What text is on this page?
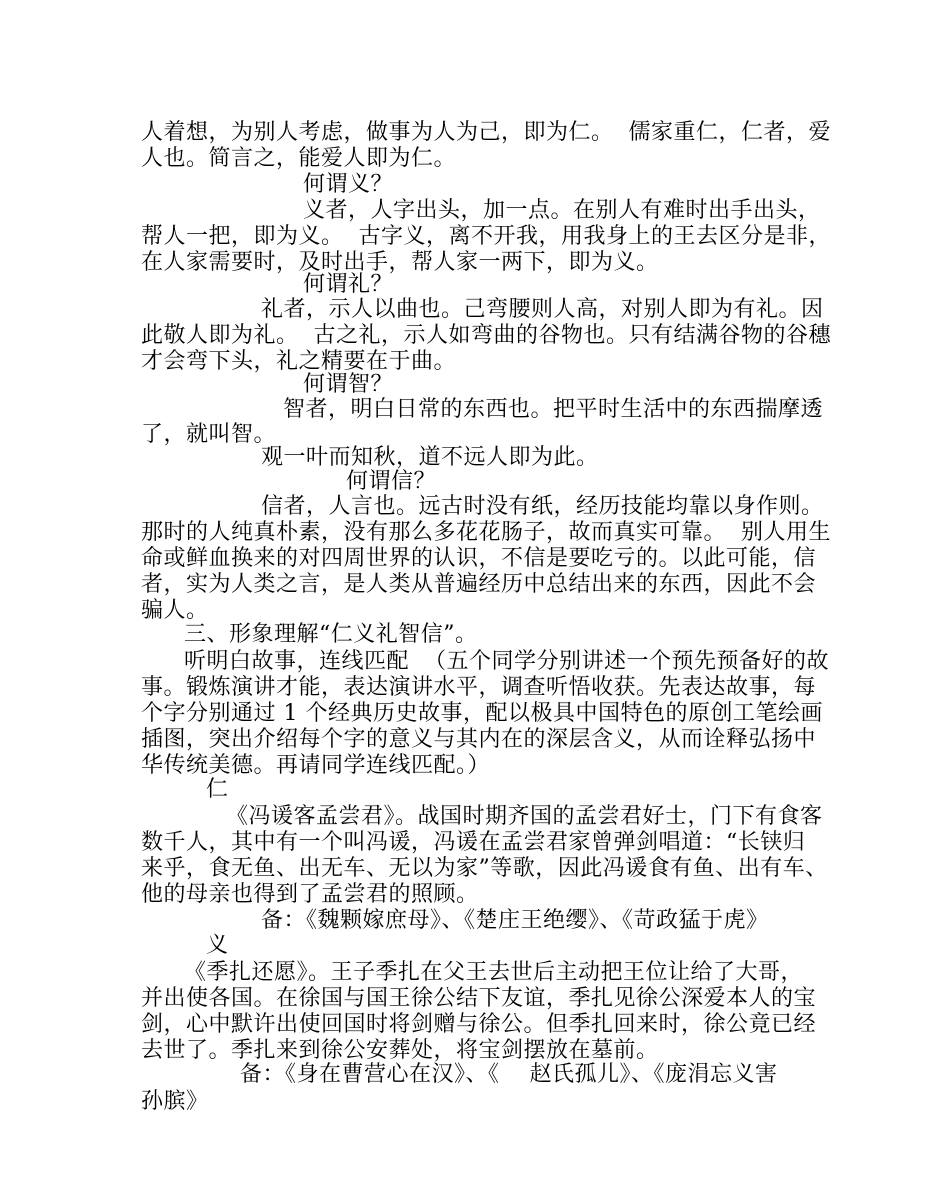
人着想，为别人考虑，做事为人为己，即为仁。  儒家重仁，仁者，爱
人也。简言之，能爱人即为仁。
何谓义？
义者，人字出头，加一点。在别人有难时出手出头，
帮人一把，即为义。  古字义，离不开我，用我身上的王去区分是非，
在人家需要时，及时出手，帮人家一两下，即为义。
何谓礼？
礼者，示人以曲也。己弯腰则人高，对别人即为有礼。因
此敬人即为礼。  古之礼，示人如弯曲的谷物也。只有结满谷物的谷穗
才会弯下头，礼之精要在于曲。
何谓智？
智者，明白日常的东西也。把平时生活中的东西揣摩透
了，就叫智。
观一叶而知秋，道不远人即为此。
何谓信？
信者，人言也。远古时没有纸，经历技能均靠以身作则。
那时的人纯真朴素，没有那么多花花肠子，故而真实可靠。  别人用生
命或鲜血换来的对四周世界的认识，不信是要吃亏的。以此可能，信
者，实为人类之言，是人类从普遍经历中总结出来的东西，因此不会
骗人。
三、形象理解“仁义礼智信”。
听明白故事，连线匹配  （五个同学分别讲述一个预先预备好的故
事。锻炼演讲才能，表达演讲水平，调查听悟收获。先表达故事，每
个字分别通过 1 个经典历史故事，配以极具中国特色的原创工笔绘画
插图，突出介绍每个字的意义与其内在的深层含义，从而诠释弘扬中
华传统美德。再请同学连线匹配。）
仁
《冯谖客孟尝君》。战国时期齐国的孟尝君好士，门下有食客
数千人，其中有一个叫冯谖，冯谖在孟尝君家曾弹剑唱道：“长铗归
来乎，食无鱼、出无车、无以为家”等歌，因此冯谖食有鱼、出有车、
他的母亲也得到了孟尝君的照顾。
备：《魏颗嫁庶母》、《楚庄王绝缨》、《苛政猛于虎》
义
《季扎还愿》。王子季扎在父王去世后主动把王位让给了大哥，
并出使各国。在徐国与国王徐公结下友谊，季扎见徐公深爱本人的宝
剑，心中默许出使回国时将剑赠与徐公。但季扎回来时，徐公竟已经
去世了。季扎来到徐公安葬处，将宝剑摆放在墓前。
备：《身在曹营心在汉》、《    赵氏孤儿》、《庞涓忘义害
孙膑》
